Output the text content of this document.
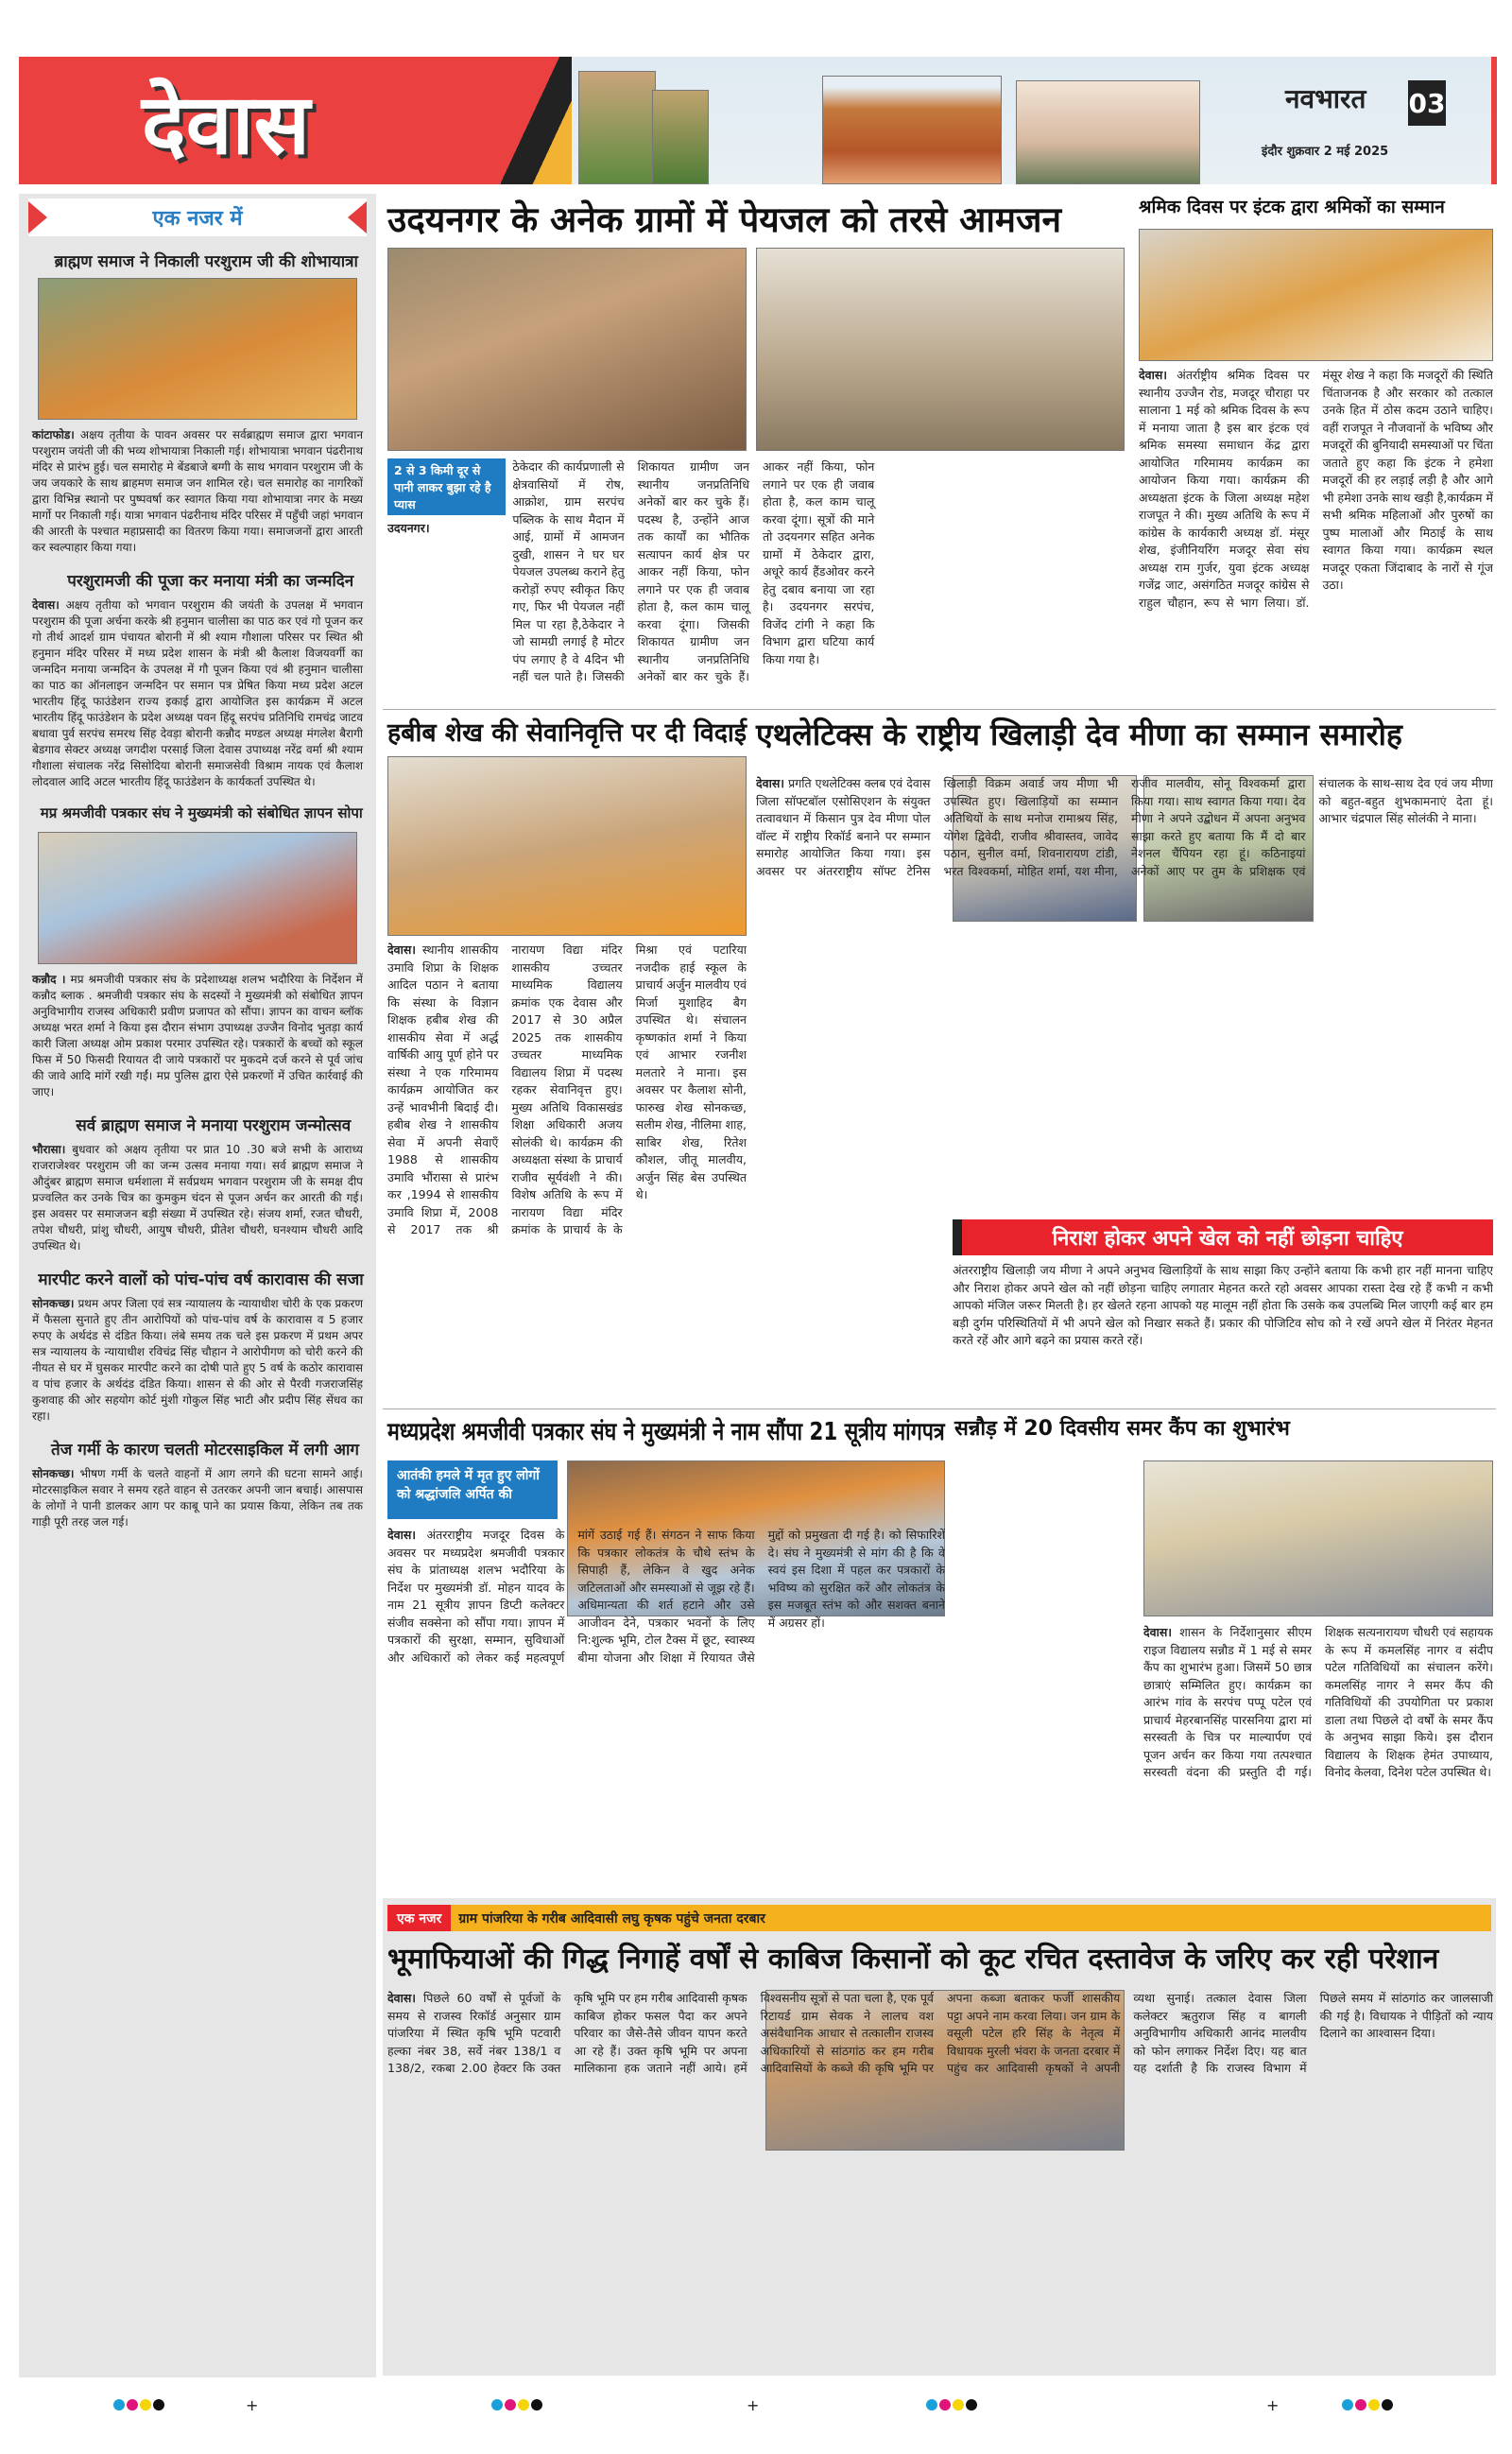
देवास	नवभारत 03
इंदौर शुक्रवार 2 मई 2025
एक नजर में
ब्राह्मण समाज ने निकाली परशुराम जी की शोभायात्रा
कांटाफोड। अक्षय तृतीया के पावन अवसर पर सर्वब्राह्मण समाज द्वारा भगवान परशुराम जयंती जी की भव्य शोभायात्रा निकाली गई। शोभायात्रा भगवान पंढरीनाथ मंदिर से प्रारंभ हुई। चल समारोह मे बेंडबाजे बग्गी के साथ भगवान परशुराम जी के जय जयकारे के साथ ब्राहमण समाज जन शामिल रहे। चल समारोह का नागरिकों द्वारा विभिन्न स्थानो पर पुष्पवर्षा कर स्वागत किया गया शोभायात्रा नगर के मख्य मार्गो पर निकाली गई। यात्रा भगवान पंढरीनाथ मंदिर परिसर में पहुँची जहां भगवान की आरती के पश्चात महाप्रसादी का वितरण किया गया। समाजजनों द्वारा आरती कर स्वल्पाहार किया गया।
परशुरामजी की पूजा कर मनाया मंत्री का जन्मदिन
देवास। अक्षय तृतीया को भगवान परशुराम की जयंती के उपलक्ष में भगवान परशुराम की पूजा अर्चना करके श्री हनुमान चालीसा का पाठ कर एवं गो पूजन कर गो तीर्थ आदर्श ग्राम पंचायत बोरानी में श्री श्याम गौशाला परिसर पर स्थित श्री हनुमान मंदिर परिसर में मध्य प्रदेश शासन के मंत्री श्री कैलाश विजयवर्गी का जन्मदिन मनाया जन्मदिन के उपलक्ष में गौ पूजन किया एवं श्री हनुमान चालीसा का पाठ का ऑनलाइन जन्मदिन पर समान पत्र प्रेषित किया मध्य प्रदेश अटल भारतीय हिंदू फाउंडेशन राज्य इकाई द्वारा आयोजित इस कार्यक्रम में अटल भारतीय हिंदू फाउंडेशन के प्रदेश अध्यक्ष पवन हिंदू सरपंच प्रतिनिधि रामचंद्र जाटव बधावा पुर्व सरपंच समरथ सिंह देवड़ा बोरानी कन्नौद मण्डल अध्यक्ष मंगलेश बैरागी बेडगाव सेक्टर अध्यक्ष जगदीश परसाई जिला देवास उपाध्यक्ष नरेंद्र वर्मा श्री श्याम गौशाला संचालक नरेंद्र सिसोदिया बोरानी समाजसेवी विश्राम नायक एवं कैलाश लोदवाल आदि अटल भारतीय हिंदू फाउंडेशन के कार्यकर्ता उपस्थित थे।
मप्र श्रमजीवी पत्रकार संघ ने मुख्यमंत्री को संबोधित ज्ञापन सोपा
कन्नौद । मप्र श्रमजीवी पत्रकार संघ के प्रदेशाध्यक्ष शलभ भदौरिया के निर्देशन में कन्नौद ब्लाक . श्रमजीवी पत्रकार संघ के सदस्यों ने मुख्यमंत्री को संबोधित ज्ञापन अनुविभागीय राजस्व अधिकारी प्रवीण प्रजापत को सौंपा। ज्ञापन का वाचन ब्लॉक अध्यक्ष भरत शर्मा ने किया इस दौरान संभाग उपाध्यक्ष उज्जैन विनोद भुतड़ा कार्य कारी जिला अध्यक्ष ओम प्रकाश परमार उपस्थित रहे। पत्रकारों के बच्चों को स्कूल फिस में 50 फिसदी रियायत दी जाये पत्रकारों पर मुकदमे दर्ज करने से पूर्व जांच की जावे आदि मांगें रखी गईं। मप्र पुलिस द्वारा ऐसे प्रकरणों में उचित कार्रवाई की जाए।
सर्व ब्राह्मण समाज ने मनाया परशुराम जन्मोत्सव
भौरासा। बुधवार को अक्षय तृतीया पर प्रात 10 .30 बजे सभी के आराध्य राजराजेश्वर परशुराम जी का जन्म उत्सव मनाया गया। सर्व ब्राह्मण समाज ने औदुंबर ब्राह्मण समाज धर्मशाला में सर्वप्रथम भगवान परशुराम जी के समक्ष दीप प्रज्वलित कर उनके चित्र का कुमकुम चंदन से पूजन अर्चन कर आरती की गई। इस अवसर पर समाजजन बड़ी संख्या में उपस्थित रहे। संजय शर्मा, रजत चौधरी, तपेश चौधरी, प्रांशु चौधरी, आयुष चौधरी, प्रीतेश चौधरी, घनश्याम चौधरी आदि उपस्थित थे।
मारपीट करने वालों को पांच-पांच वर्ष कारावास की सजा
सोनकच्छ। प्रथम अपर जिला एवं सत्र न्यायालय के न्यायाधीश चोरी के एक प्रकरण में फैसला सुनाते हुए तीन आरोपियों को पांच-पांच वर्ष के कारावास व 5 हजार रुपए के अर्थदंड से दंडित किया। लंबे समय तक चले इस प्रकरण में प्रथम अपर सत्र न्यायालय के न्यायाधीश रविचंद्र सिंह चौहान ने आरोपीगण को चोरी करने की नीयत से घर में घुसकर मारपीट करने का दोषी पाते हुए 5 वर्ष के कठोर कारावास व पांच हजार के अर्थदंड दंडित किया। शासन से की ओर से पैरवी गजराजसिंह कुशवाह की ओर सहयोग कोर्ट मुंशी गोकुल सिंह भाटी और प्रदीप सिंह सेंधव का रहा।
तेज गर्मी के कारण चलती मोटरसाइकिल में लगी आग
सोनकच्छ। भीषण गर्मी के चलते वाहनों में आग लगने की घटना सामने आई। मोटरसाइकिल सवार ने समय रहते वाहन से उतरकर अपनी जान बचाई। आसपास के लोगों ने पानी डालकर आग पर काबू पाने का प्रयास किया, लेकिन तब तक गाड़ी पूरी तरह जल गई।
उदयनगर के अनेक ग्रामों में पेयजल को तरसे आमजन
2 से 3 किमी दूर से पानी लाकर बुझा रहे है प्यास
उदयनगर।
ठेकेदार की कार्यप्रणाली से क्षेत्रवासियों में रोष, आक्रोश, ग्राम सरपंच पब्लिक के साथ मैदान में आई, ग्रामों में आमजन दुखी, शासन ने घर घर पेयजल उपलब्ध कराने हेतु करोड़ों रुपए स्वीकृत किए गए, फिर भी पेयजल नहीं मिल पा रहा है,ठेकेदार ने जो सामग्री लगाई है मोटर पंप लगाए है वे 4दिन भी नहीं चल पाते है। जिसकी शिकायत ग्रामीण जन स्थानीय जनप्रतिनिधि अनेकों बार कर चुके हैं। पदस्थ है, उन्होंने आज तक कार्यों का भौतिक सत्यापन कार्य क्षेत्र पर आकर नहीं किया, फोन लगाने पर एक ही जवाब होता है, कल काम चालू करवा दूंगा। जिसकी शिकायत ग्रामीण जन स्थानीय जनप्रतिनिधि अनेकों बार कर चुके हैं। आकर नहीं किया, फोन लगाने पर एक ही जवाब होता है, कल काम चालू करवा दूंगा। सूत्रों की माने तो उदयनगर सहित अनेक ग्रामों में ठेकेदार द्वारा, अधूरे कार्य हैंडओवर करने हेतु दबाव बनाया जा रहा है। उदयनगर सरपंच, विजेंद टांगी ने कहा कि विभाग द्वारा घटिया कार्य किया गया है।
श्रमिक दिवस पर इंटक द्वारा श्रमिकों का सम्मान
देवास। अंतर्राष्ट्रीय श्रमिक दिवस पर स्थानीय उज्जैन रोड, मजदूर चौराहा पर सालाना 1 मई को श्रमिक दिवस के रूप में मनाया जाता है इस बार इंटक एवं श्रमिक समस्या समाधान केंद्र द्वारा आयोजित गरिमामय कार्यक्रम का आयोजन किया गया। कार्यक्रम की अध्यक्षता इंटक के जिला अध्यक्ष महेश राजपूत ने की। मुख्य अतिथि के रूप में कांग्रेस के कार्यकारी अध्यक्ष डॉ. मंसूर शेख, इंजीनियरिंग मजदूर सेवा संघ अध्यक्ष राम गुर्जर, युवा इंटक अध्यक्ष गजेंद्र जाट, असंगठित मजदूर कांग्रेस से राहुल चौहान, रूप से भाग लिया। डॉ. मंसूर शेख ने कहा कि मजदूरों की स्थिति चिंताजनक है और सरकार को तत्काल उनके हित में ठोस कदम उठाने चाहिए। वहीं राजपूत ने नौजवानों के भविष्य और मजदूरों की बुनियादी समस्याओं पर चिंता जताते हुए कहा कि इंटक ने हमेशा मजदूरों की हर लड़ाई लड़ी है और आगे भी हमेशा उनके साथ खड़ी है,कार्यक्रम में सभी श्रमिक महिलाओं और पुरुषों का पुष्प मालाओं और मिठाई के साथ स्वागत किया गया। कार्यक्रम स्थल मजदूर एकता जिंदाबाद के नारों से गूंज उठा।
हबीब शेख की सेवानिवृत्ति पर दी विदाई
देवास। स्थानीय शासकीय उमावि शिप्रा के शिक्षक आदिल पठान ने बताया कि संस्था के विज्ञान शिक्षक हबीब शेख की शासकीय सेवा में अर्द्ध वार्षिकी आयु पूर्ण होने पर संस्था ने एक गरिमामय कार्यक्रम आयोजित कर उन्हें भावभीनी बिदाई दी। हबीब शेख ने शासकीय सेवा में अपनी सेवाएँ 1988 से शासकीय उमावि भौंरासा से प्रारंभ कर ,1994 से शासकीय उमावि शिप्रा में, 2008 से 2017 तक श्री नारायण विद्या मंदिर शासकीय उच्चतर माध्यमिक विद्यालय क्रमांक एक देवास और 2017 से 30 अप्रैल 2025 तक शासकीय उच्चतर माध्यमिक विद्यालय शिप्रा में पदस्थ रहकर सेवानिवृत्त हुए। मुख्य अतिथि विकासखंड शिक्षा अधिकारी अजय सोलंकी थे। कार्यक्रम की अध्यक्षता संस्था के प्राचार्य राजीव सूर्यवंशी ने की। विशेष अतिथि के रूप में नारायण विद्या मंदिर क्रमांक के प्राचार्य के के मिश्रा एवं पटारिया नजदीक हाई स्कूल के प्राचार्य अर्जुन मालवीय एवं मिर्जा मुशाहिद बैग उपस्थित थे। संचालन कृष्णकांत शर्मा ने किया एवं आभार रजनीश मलतारे ने माना। इस अवसर पर कैलाश सोनी, फारुख शेख सोनकच्छ, सलीम शेख, नीलिमा शाह, साबिर शेख, रितेश कौशल, जीतू मालवीय, अर्जुन सिंह बेस उपस्थित थे।
एथलेटिक्स के राष्ट्रीय खिलाड़ी देव मीणा का सम्मान समारोह
देवास। प्रगति एथलेटिक्स क्लब एवं देवास जिला सॉफ्टबॉल एसोसिएशन के संयुक्त तत्वावधान में किसान पुत्र देव मीणा पोल वॉल्ट में राष्ट्रीय रिकॉर्ड बनाने पर सम्मान समारोह आयोजित किया गया। इस अवसर पर अंतरराष्ट्रीय सॉफ्ट टेनिस खिलाड़ी विक्रम अवार्ड जय मीणा भी उपस्थित हुए। खिलाड़ियों का सम्मान अतिथियों के साथ मनोज रामाश्रय सिंह, योगेश द्विवेदी, राजीव श्रीवास्तव, जावेद पठान, सुनील वर्मा, शिवनारायण टांडी, भरत विश्वकर्मा, मोहित शर्मा, यश मीना, राजीव मालवीय, सोनू विश्वकर्मा द्वारा किया गया। साथ स्वागत किया गया। देव मीणा ने अपने उद्बोधन में अपना अनुभव साझा करते हुए बताया कि मैं दो बार नेशनल चैंपियन रहा हूं। कठिनाइयां अनेकों आए पर तुम के प्रशिक्षक एवं संचालक के साथ-साथ देव एवं जय मीणा को बहुत-बहुत शुभकामनाएं देता हूं। आभार चंद्रपाल सिंह सोलंकी ने माना।
निराश होकर अपने खेल को नहीं छोड़ना चाहिए
अंतरराष्ट्रीय खिलाड़ी जय मीणा ने अपने अनुभव खिलाड़ियों के साथ साझा किए उन्होंने बताया कि कभी हार नहीं मानना चाहिए और निराश होकर अपने खेल को नहीं छोड़ना चाहिए लगातार मेहनत करते रहो अवसर आपका रास्ता देख रहे हैं कभी न कभी आपको मंजिल जरूर मिलती है। हर खेलते रहना आपको यह मालूम नहीं होता कि उसके कब उपलब्धि मिल जाएगी कई बार हम बड़ी दुर्गम परिस्थितियों में भी अपने खेल को निखार सकते हैं। प्रकार की पोजिटिव सोच को ने रखें अपने खेल में निरंतर मेहनत करते रहें और आगे बढ़ने का प्रयास करते रहें।
मध्यप्रदेश श्रमजीवी पत्रकार संघ ने मुख्यमंत्री ने नाम सौंपा 21 सूत्रीय मांगपत्र
आतंकी हमले में मृत हुए लोगों को श्रद्धांजलि अर्पित की
देवास। अंतरराष्ट्रीय मजदूर दिवस के अवसर पर मध्यप्रदेश श्रमजीवी पत्रकार संघ के प्रांताध्यक्ष शलभ भदौरिया के निर्देश पर मुख्यमंत्री डॉ. मोहन यादव के नाम 21 सूत्रीय ज्ञापन डिप्टी कलेक्टर संजीव सक्सेना को सौंपा गया। ज्ञापन में पत्रकारों की सुरक्षा, सम्मान, सुविधाओं और अधिकारों को लेकर कई महत्वपूर्ण मांगें उठाई गई हैं। संगठन ने साफ किया कि पत्रकार लोकतंत्र के चौथे स्तंभ के सिपाही हैं, लेकिन वे खुद अनेक जटिलताओं और समस्याओं से जूझ रहे हैं। अधिमान्यता की शर्त हटाने और उसे आजीवन देने, पत्रकार भवनों के लिए नि:शुल्क भूमि, टोल टैक्स में छूट, स्वास्थ्य बीमा योजना और शिक्षा में रियायत जैसे मुद्दों को प्रमुखता दी गई है। को सिफारिशें दे। संघ ने मुख्यमंत्री से मांग की है कि वे स्वयं इस दिशा में पहल कर पत्रकारों के भविष्य को सुरक्षित करें और लोकतंत्र के इस मजबूत स्तंभ को और सशक्त बनाने में अग्रसर हों।
सन्नौड़ में 20 दिवसीय समर कैंप का शुभारंभ
देवास। शासन के निर्देशानुसार सीएम राइज विद्यालय सन्नौड में 1 मई से समर कैंप का शुभारंभ हुआ। जिसमें 50 छात्र छात्राएं सम्मिलित हुए। कार्यक्रम का आरंभ गांव के सरपंच पप्पू पटेल एवं प्राचार्य मेहरबानसिंह पारसनिया द्वारा मां सरस्वती के चित्र पर माल्यार्पण एवं पूजन अर्चन कर किया गया तत्पश्चात सरस्वती वंदना की प्रस्तुति दी गई। शिक्षक सत्यनारायण चौधरी एवं सहायक के रूप में कमलसिंह नागर व संदीप पटेल गतिविधियों का संचालन करेंगे। कमलसिंह नागर ने समर कैंप की गतिविधियों की उपयोगिता पर प्रकाश डाला तथा पिछले दो वर्षों के समर कैंप के अनुभव साझा किये। इस दौरान विद्यालय के शिक्षक हेमंत उपाध्याय, विनोद केलवा, दिनेश पटेल उपस्थित थे।
एक नजर	ग्राम पांजरिया के गरीब आदिवासी लघु कृषक पहुंचे जनता दरबार
भूमाफियाओं की गिद्ध निगाहें वर्षों से काबिज किसानों को कूट रचित दस्तावेज के जरिए कर रही परेशान
देवास। पिछले 60 वर्षों से पूर्वजों के समय से राजस्व रिकॉर्ड अनुसार ग्राम पांजरिया में स्थित कृषि भूमि पटवारी हल्का नंबर 38, सर्वे नंबर 138/1 व 138/2, रकबा 2.00 हेक्टर कि उक्त कृषि भूमि पर हम गरीब आदिवासी कृषक काबिज होकर फसल पैदा कर अपने परिवार का जैसे-तैसे जीवन यापन करते आ रहे हैं। उक्त कृषि भूमि पर अपना मालिकाना हक जताने नहीं आये। हमें विश्वसनीय सूत्रों से पता चला है, एक पूर्व रिटायर्ड ग्राम सेवक ने लालच वश असंवैधानिक आधार से तत्कालीन राजस्व अधिकारियों से सांठगांठ कर हम गरीब आदिवासियों के कब्जे की कृषि भूमि पर अपना कब्जा बताकर फर्जी शासकीय पट्टा अपने नाम करवा लिया। जन ग्राम के वसूली पटेल हरि सिंह के नेतृत्व में विधायक मुरली भंवरा के जनता दरबार में पहुंच कर आदिवासी कृषकों ने अपनी व्यथा सुनाई। तत्काल देवास जिला कलेक्टर ऋतुराज सिंह व बागली अनुविभागीय अधिकारी आनंद मालवीय को फोन लगाकर निर्देश दिए। यह बात यह दर्शाती है कि राजस्व विभाग में पिछले समय में सांठगांठ कर जालसाजी की गई है। विधायक ने पीड़ितों को न्याय दिलाने का आश्वासन दिया।
+	+	+
